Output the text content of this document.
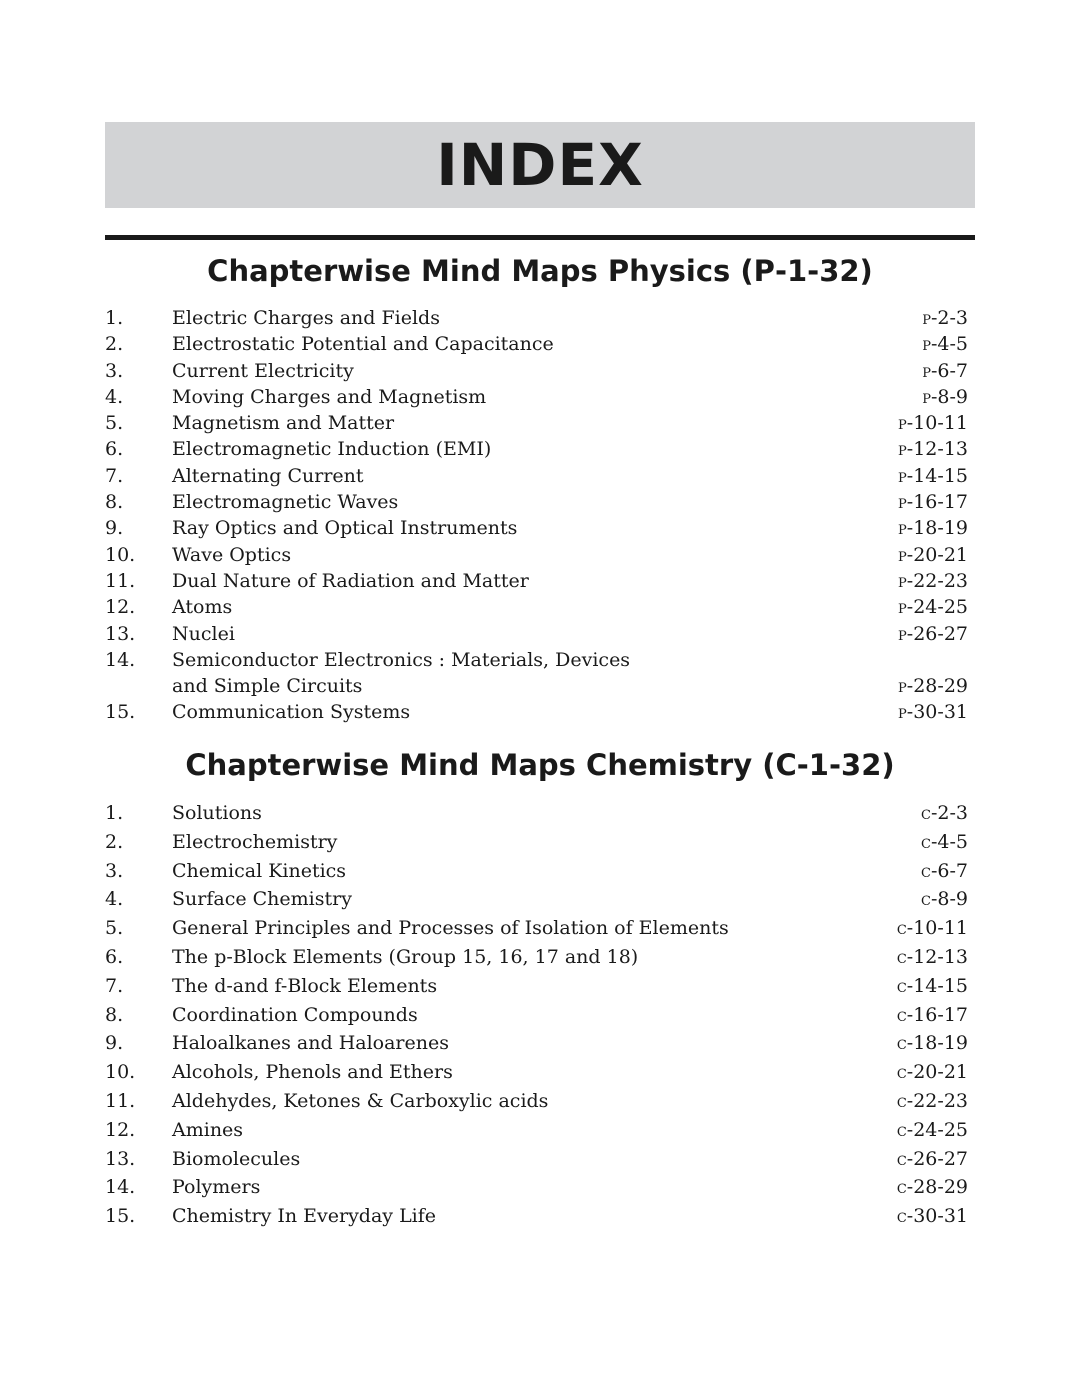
INDEX
Chapterwise Mind Maps Physics (P-1-32)
1.	Electric Charges and Fields	P-2-3
2.	Electrostatic Potential and Capacitance	P-4-5
3.	Current Electricity	P-6-7
4.	Moving Charges and Magnetism	P-8-9
5.	Magnetism and Matter	P-10-11
6.	Electromagnetic Induction (EMI)	P-12-13
7.	Alternating Current	P-14-15
8.	Electromagnetic Waves	P-16-17
9.	Ray Optics and Optical Instruments	P-18-19
10. Wave Optics	P-20-21
11. Dual Nature of Radiation and Matter	P-22-23
12. Atoms	P-24-25
13. Nuclei	P-26-27
14. Semiconductor Electronics : Materials, Devices
and Simple Circuits	P-28-29
15. Communication Systems	P-30-31
Chapterwise Mind Maps Chemistry (C-1-32)
1.	Solutions	C-2-3
2.	Electrochemistry	C-4-5
3.	Chemical Kinetics	C-6-7
4.	Surface Chemistry	C-8-9
5.	General Principles and Processes of Isolation of Elements	C-10-11
6.	The p-Block Elements (Group 15, 16, 17 and 18)	C-12-13
7.	The d-and f-Block Elements	C-14-15
8.	Coordination Compounds	C-16-17
9.	Haloalkanes and Haloarenes	C-18-19
10. Alcohols, Phenols and Ethers	C-20-21
11. Aldehydes, Ketones & Carboxylic acids	C-22-23
12. Amines	C-24-25
13. Biomolecules	C-26-27
14. Polymers	C-28-29
15. Chemistry In Everyday Life	C-30-31
